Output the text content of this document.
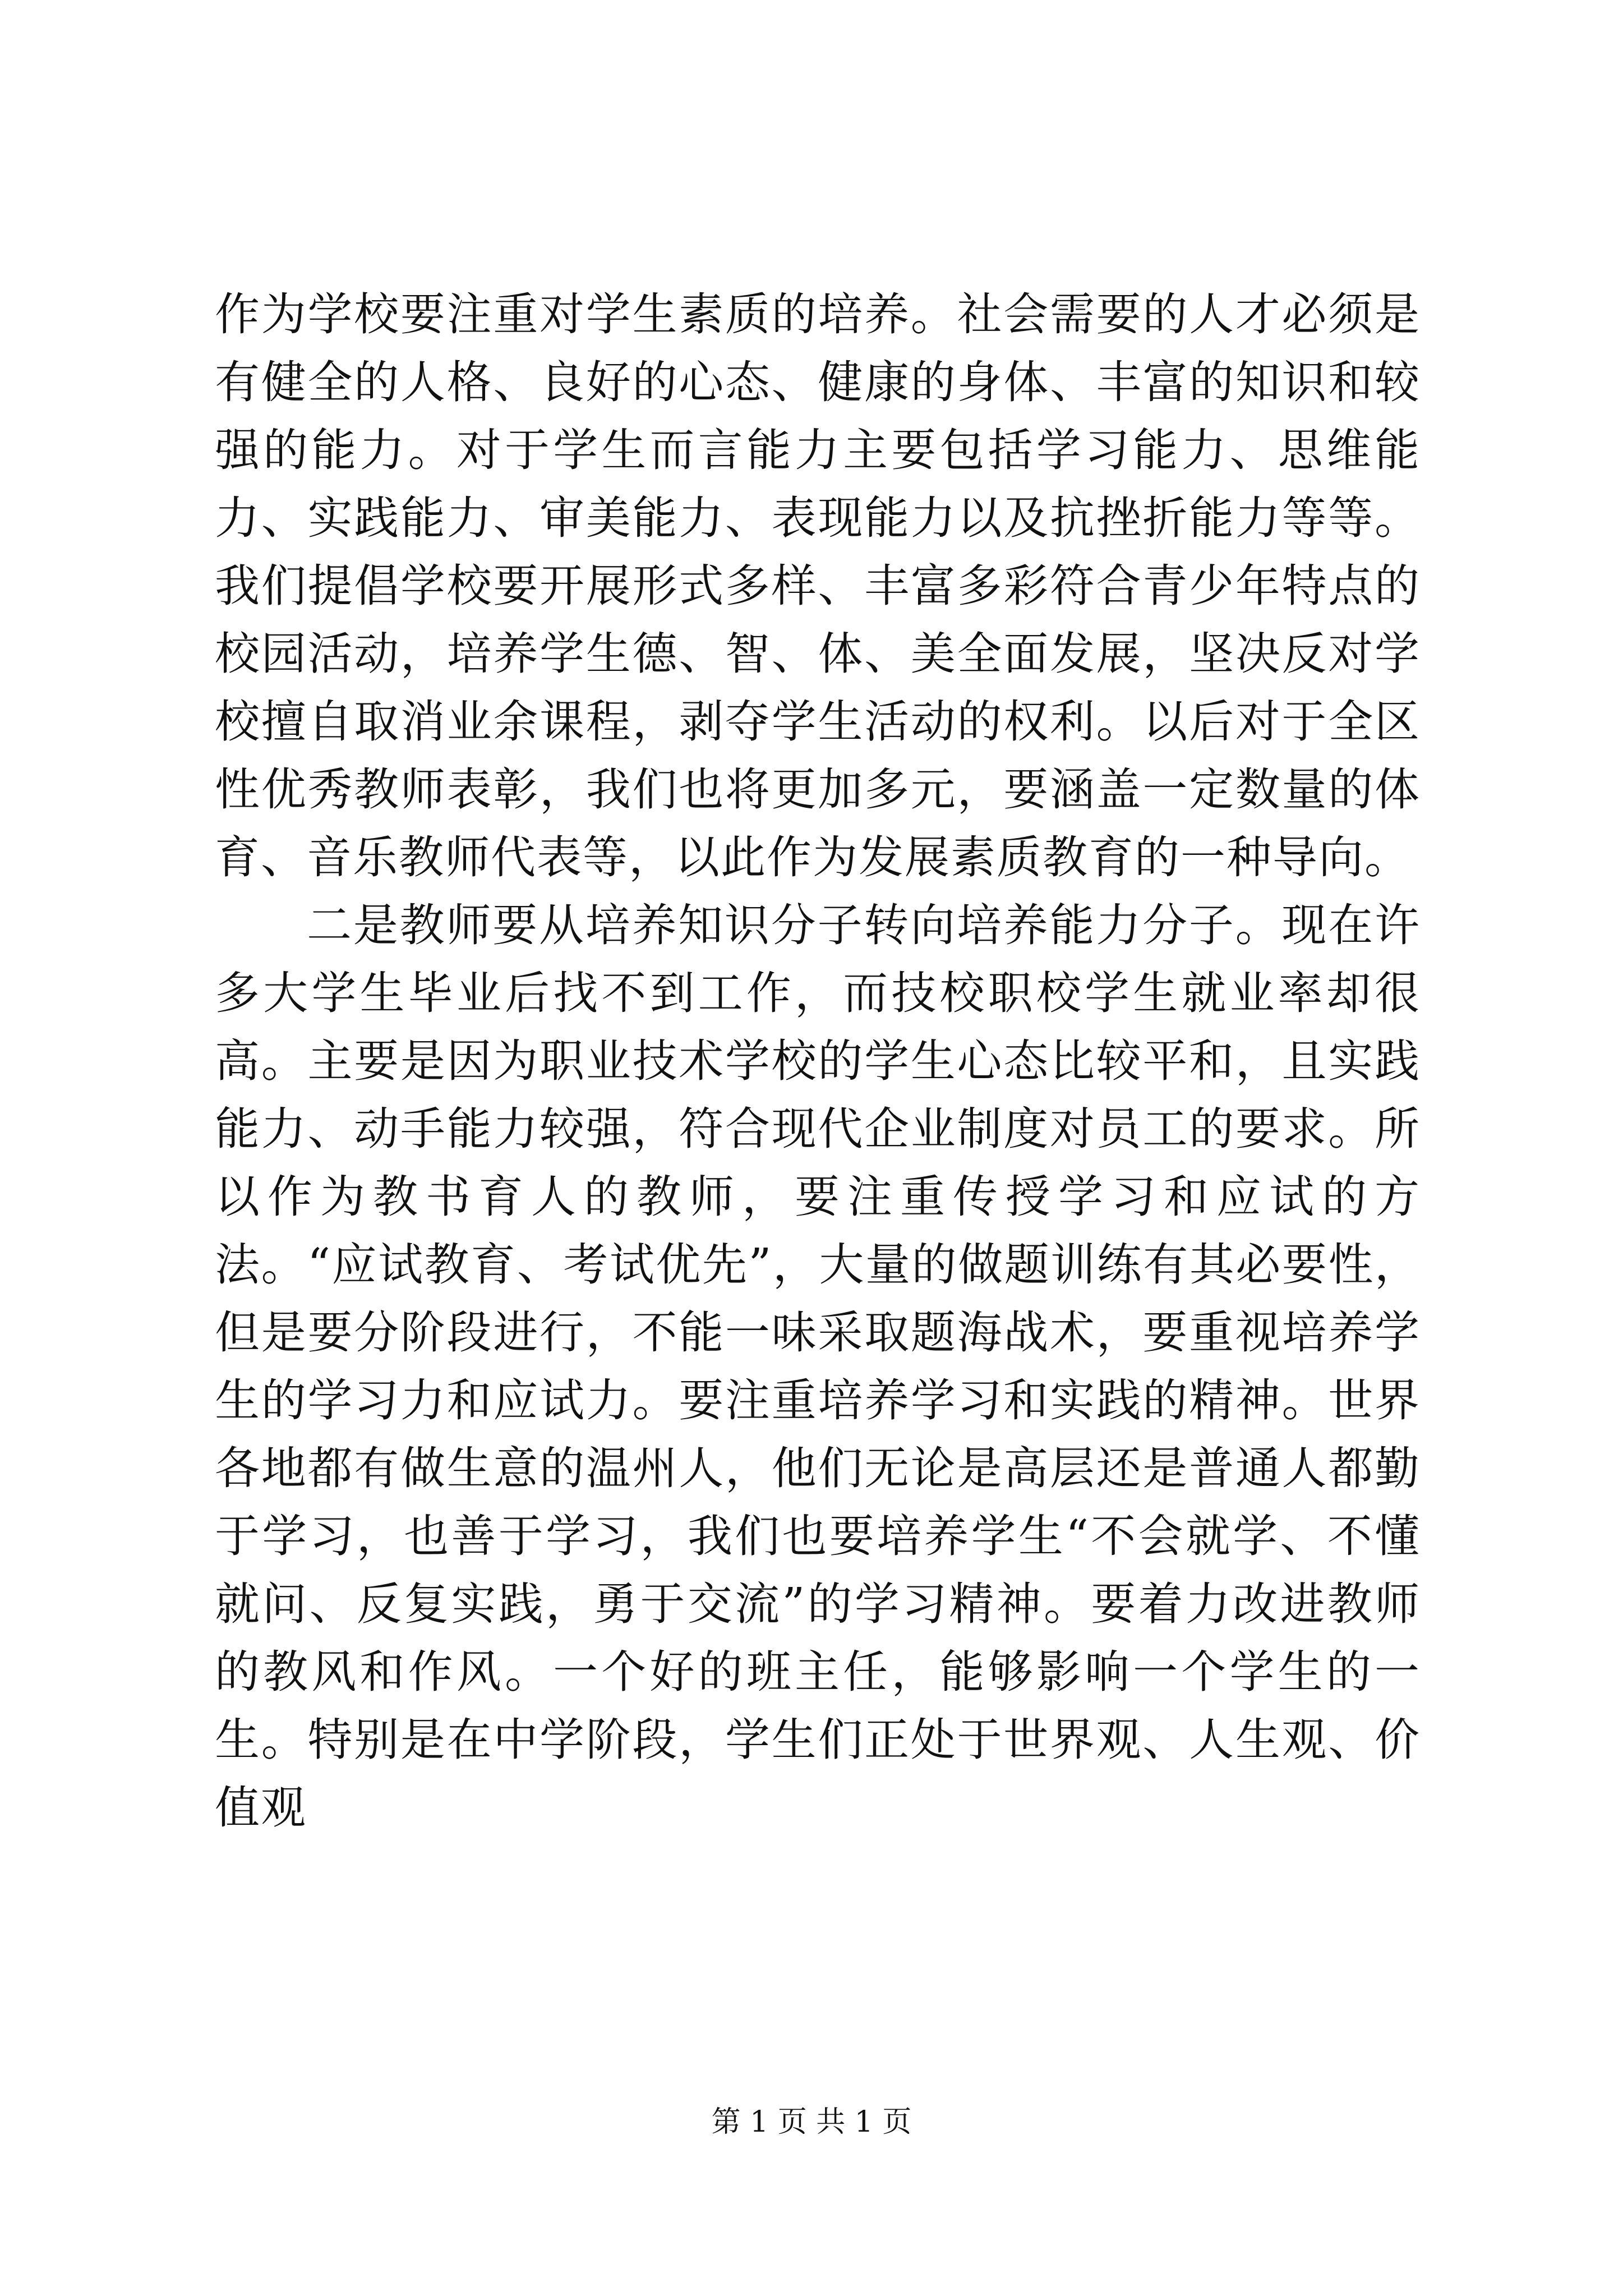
作为学校要注重对学生素质的培养。社会需要的人才必须是有健全的人格、良好的心态、健康的身体、丰富的知识和较强的能力。对于学生而言能力主要包括学习能力、思维能力、实践能力、审美能力、表现能力以及抗挫折能力等等。我们提倡学校要开展形式多样、丰富多彩符合青少年特点的校园活动，培养学生德、智、体、美全面发展，坚决反对学校擅自取消业余课程，剥夺学生活动的权利。以后对于全区性优秀教师表彰，我们也将更加多元，要涵盖一定数量的体育、音乐教师代表等，以此作为发展素质教育的一种导向。

二是教师要从培养知识分子转向培养能力分子。现在许多大学生毕业后找不到工作，而技校职校学生就业率却很高。主要是因为职业技术学校的学生心态比较平和，且实践能力、动手能力较强，符合现代企业制度对员工的要求。所以作为教书育人的教师，要注重传授学习和应试的方法。“应试教育、考试优先”，大量的做题训练有其必要性，但是要分阶段进行，不能一味采取题海战术，要重视培养学生的学习力和应试力。要注重培养学习和实践的精神。世界各地都有做生意的温州人，他们无论是高层还是普通人都勤于学习，也善于学习，我们也要培养学生“不会就学、不懂就问、反复实践，勇于交流”的学习精神。要着力改进教师的教风和作风。一个好的班主任，能够影响一个学生的一生。特别是在中学阶段，学生们正处于世界观、人生观、价值观

第 1 页 共 1 页
